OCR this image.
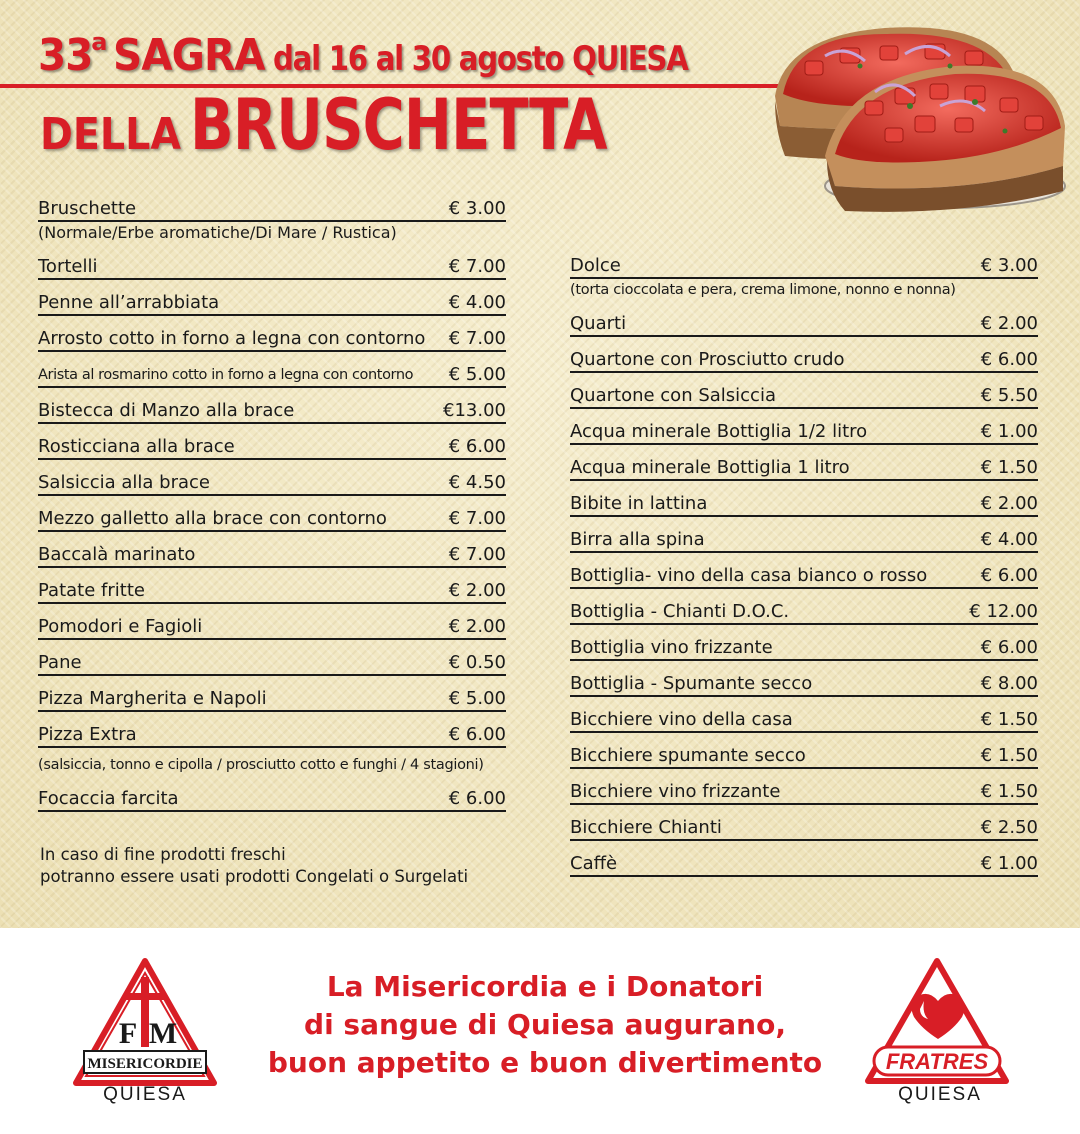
33a SAGRA dal 16 al 30 agosto QUIESA
DELLA BRUSCHETTA
Bruschette	€ 3.00
(Normale/Erbe aromatiche/Di Mare / Rustica)
Tortelli	€ 7.00
Penne all’arrabbiata	€ 4.00
Arrosto cotto in forno a legna con contorno € 7.00
Arista al rosmarino cotto in forno a legna con contorno € 5.00
Bistecca di Manzo alla brace	€13.00
Rosticciana alla brace	€ 6.00
Salsiccia alla brace	€ 4.50
Mezzo galletto alla brace con contorno	€ 7.00
Baccalà marinato	€ 7.00
Patate fritte	€ 2.00
Pomodori e Fagioli	€ 2.00
Pane	€ 0.50
Pizza Margherita e Napoli	€ 5.00
Pizza Extra	€ 6.00
(salsiccia, tonno e cipolla / prosciutto cotto e funghi / 4 stagioni)
Focaccia farcita	€ 6.00
In caso di fine prodotti freschi
potranno essere usati prodotti Congelati o Surgelati
Dolce	€ 3.00
(torta cioccolata e pera, crema limone, nonno e nonna)
Quarti	€ 2.00
Quartone con Prosciutto crudo	€ 6.00
Quartone con Salsiccia	€ 5.50
Acqua minerale Bottiglia 1/2 litro	€ 1.00
Acqua minerale Bottiglia 1 litro	€ 1.50
Bibite in lattina	€ 2.00
Birra alla spina	€ 4.00
Bottiglia- vino della casa bianco o rosso	€ 6.00
Bottiglia - Chianti D.O.C.	€ 12.00
Bottiglia vino frizzante	€ 6.00
Bottiglia - Spumante secco	€ 8.00
Bicchiere vino della casa	€ 1.50
Bicchiere spumante secco	€ 1.50
Bicchiere vino frizzante	€ 1.50
Bicchiere Chianti	€ 2.50
Caffè	€ 1.00
F M
MISERICORDIE
QUIESA
La Misericordia e i Donatori
di sangue di Quiesa augurano,
buon appetito e buon divertimento	FRATRES
QUIESA
